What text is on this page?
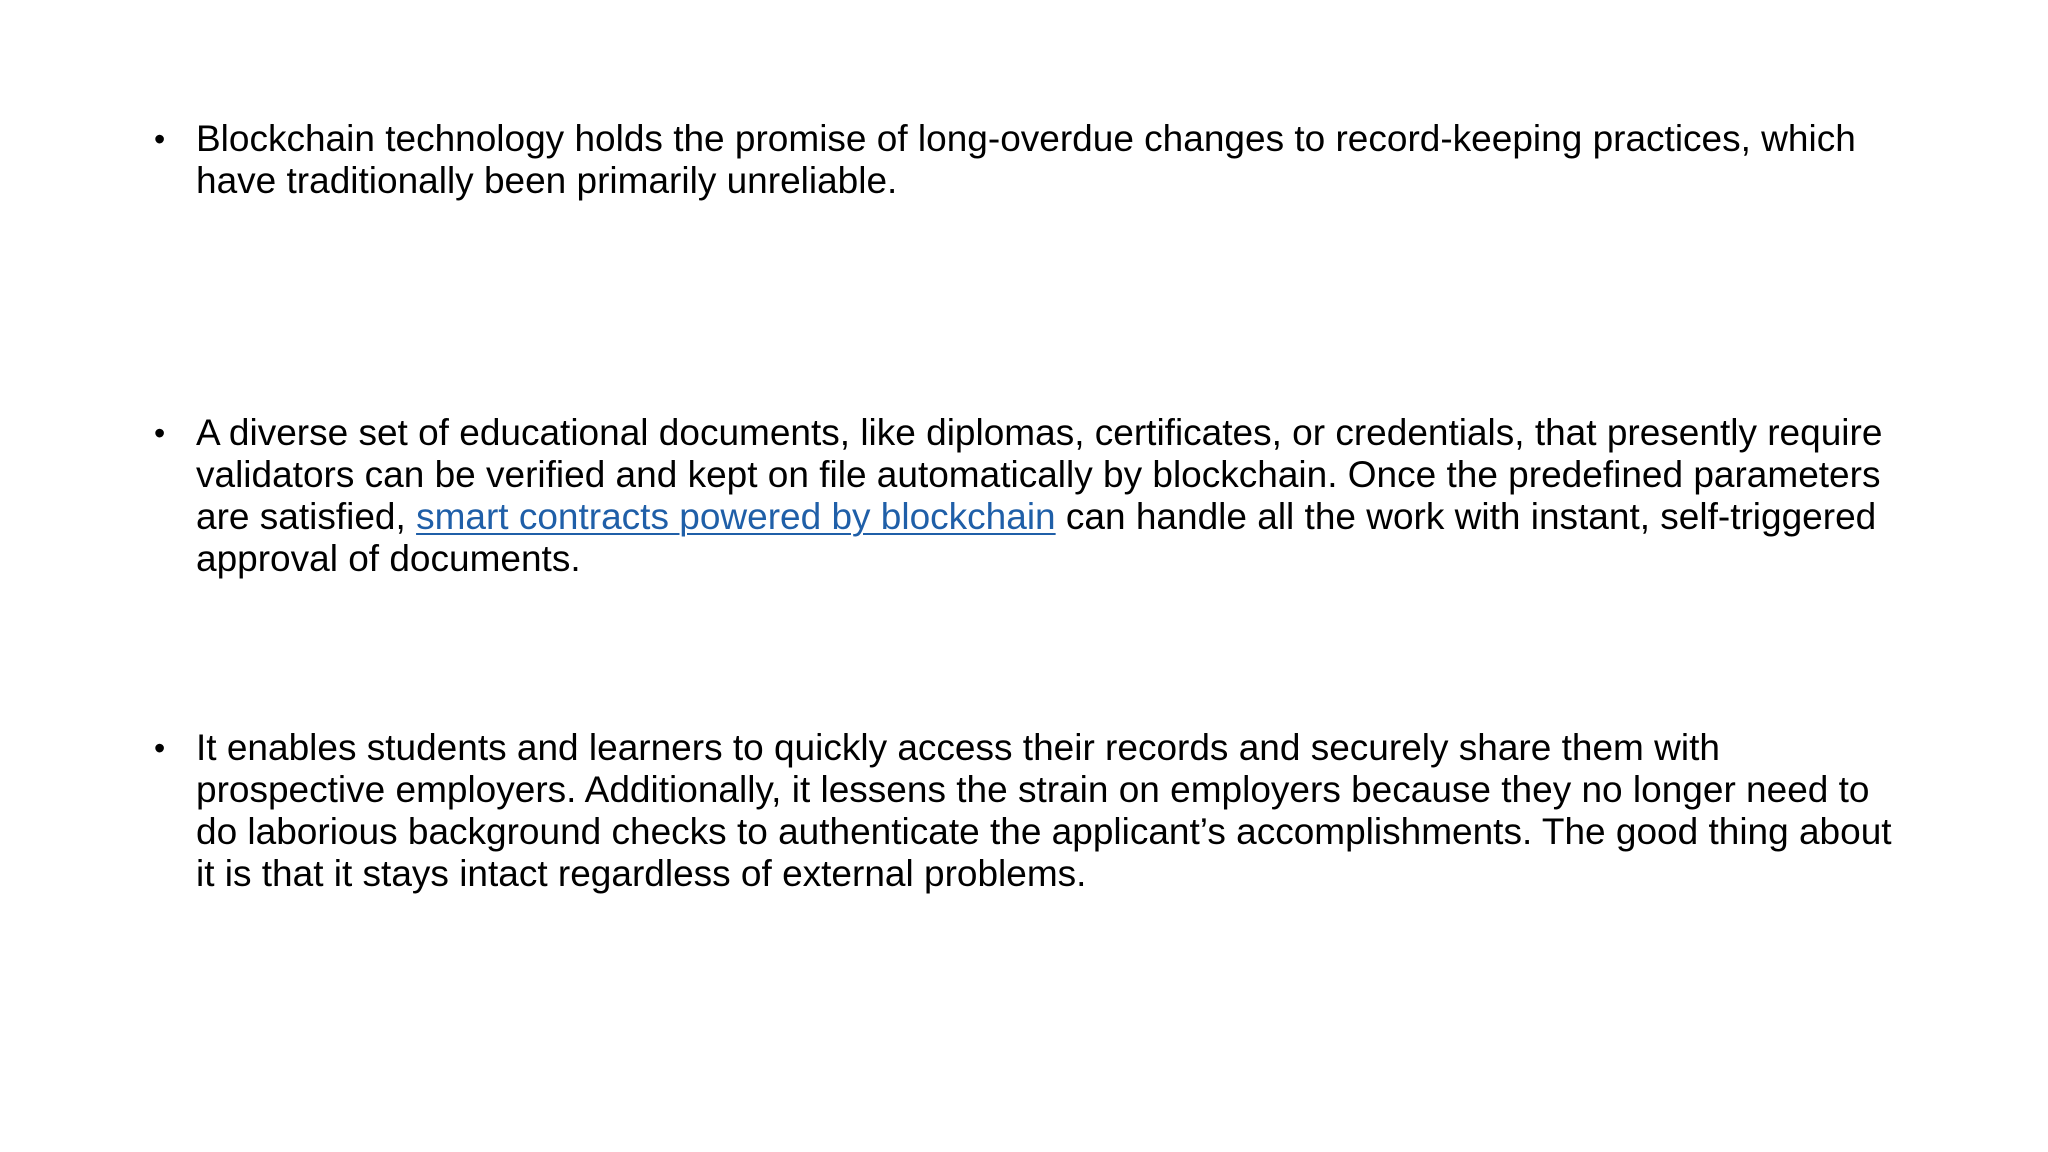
• Blockchain technology holds the promise of long-overdue changes to record-keeping practices, which have traditionally been primarily unreliable.
• A diverse set of educational documents, like diplomas, certificates, or credentials, that presently require validators can be verified and kept on file automatically by blockchain. Once the predefined parameters are satisfied, smart contracts powered by blockchain can handle all the work with instant, self-triggered approval of documents.
• It enables students and learners to quickly access their records and securely share them with prospective employers. Additionally, it lessens the strain on employers because they no longer need to do laborious background checks to authenticate the applicant’s accomplishments. The good thing about it is that it stays intact regardless of external problems.
